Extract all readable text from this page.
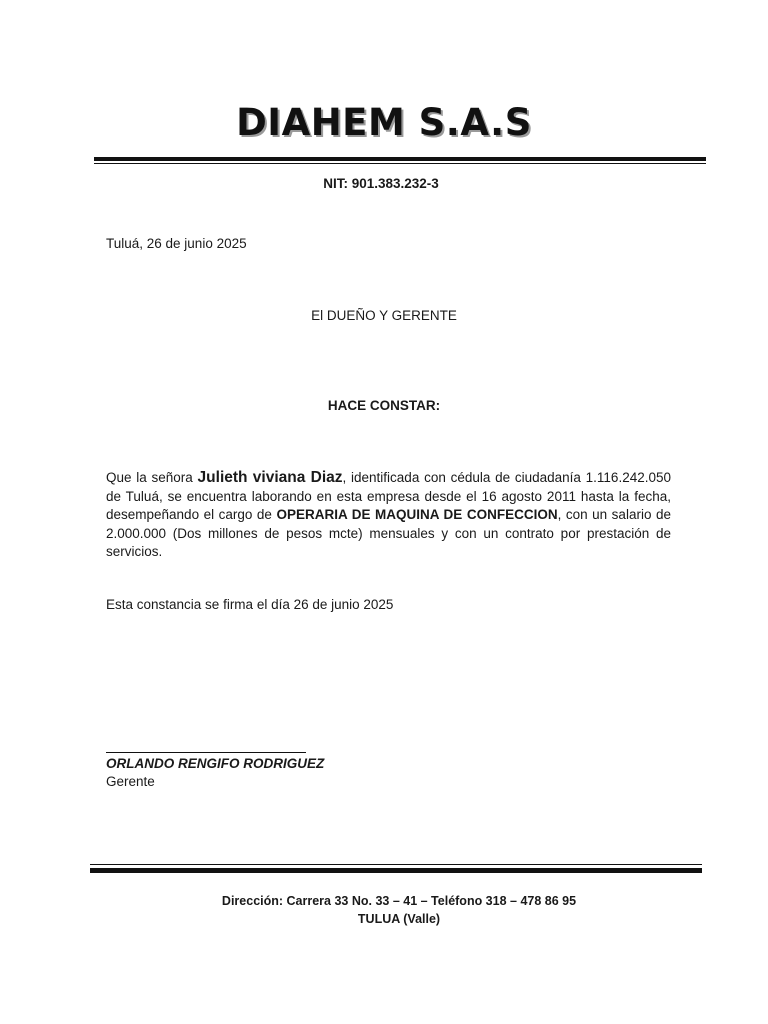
DIAHEM S.A.S
NIT: 901.383.232-3
Tuluá, 26 de junio 2025
El DUEÑO Y GERENTE
HACE CONSTAR:
Que la señora Julieth viviana Diaz, identificada con cédula de ciudadanía 1.116.242.050 de Tuluá, se encuentra laborando en esta empresa desde el 16 agosto 2011 hasta la fecha, desempeñando el cargo de OPERARIA DE MAQUINA DE CONFECCION, con un salario de 2.000.000 (Dos millones de pesos mcte) mensuales y con un contrato por prestación de servicios.
Esta constancia se firma el día 26 de junio 2025
ORLANDO RENGIFO RODRIGUEZ
Gerente
Dirección: Carrera 33 No. 33 – 41 – Teléfono 318 – 478 86 95
TULUA (Valle)
